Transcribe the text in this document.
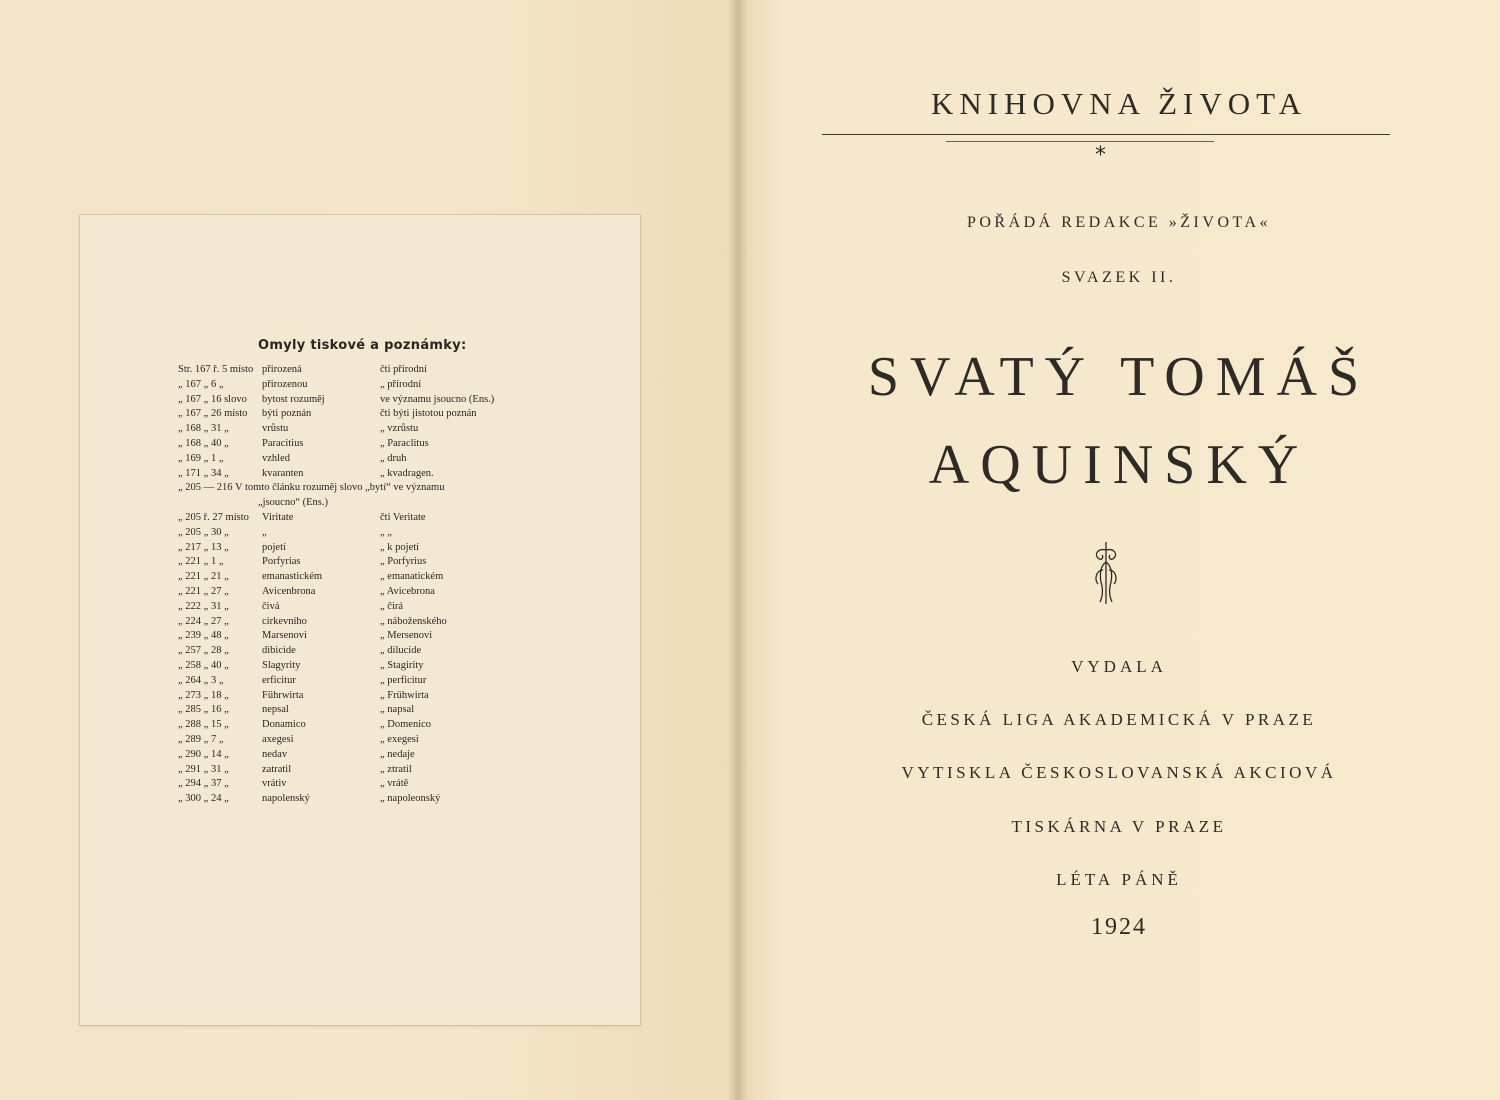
Omyly tiskové a poznámky:
Str. 167 ř. 5 místo přirozená	čti přírodní
„ 167 „ 6 „	přirozenou	„ přírodní
„ 167 „ 16 slovo	bytost rozuměj	ve významu jsoucno (Ens.)
„ 167 „ 26 místo	býti poznán	čti býti jistotou poznán
„ 168 „ 31 „	vrůstu	„ vzrůstu
„ 168 „ 40 „	Paracitius	„ Paraclitus
„ 169 „ 1 „	vzhled	„ druh
„ 171 „ 34 „	kvaranten	„ kvadragen.
„ 205 — 216 V tomto článku rozuměj slovo „bytí“ ve významu
„jsoucno“ (Ens.)
„ 205 ř. 27 místo	Viritate	čti Veritate
„ 205 „ 30 „	„	„ „
„ 217 „ 13 „	pojetí	„ k pojetí
„ 221 „ 1 „	Porfyrias	„ Porfyrius
„ 221 „ 21 „	emanastickém	„ emanatickém
„ 221 „ 27 „	Avicenbrona	„ Avicebrona
„ 222 „ 31 „	čivá	„ čirá
„ 224 „ 27 „	církevního	„ náboženského
„ 239 „ 48 „	Marsenovi	„ Mersenovi
„ 257 „ 28 „	dibicide	„ dilucide
„ 258 „ 40 „	Slagyrity	„ Stagirity
„ 264 „ 3 „	erficitur	„ perficitur
„ 273 „ 18 „	Führwirta	„ Frühwirta
„ 285 „ 16 „	nepsal	„ napsal
„ 288 „ 15 „	Donamico	„ Domenico
„ 289 „ 7 „	axegesi	„ exegesi
„ 290 „ 14 „	nedav	„ nedaje
„ 291 „ 31 „	zatratil	„ ztratil
„ 294 „ 37 „	vrátiv	„ vrátě
„ 300 „ 24 „	napolenský	„ napoleonský
KNIHOVNA ŽIVOTA
*
POŘÁDÁ REDAKCE »ŽIVOTA«
SVAZEK II.
SVATÝ TOMÁŠ
AQUINSKÝ
VYDALA
ČESKÁ LIGA AKADEMICKÁ V PRAZE
VYTISKLA ČESKOSLOVANSKÁ AKCIOVÁ
TISKÁRNA V PRAZE
LÉTA PÁNĚ
1924
